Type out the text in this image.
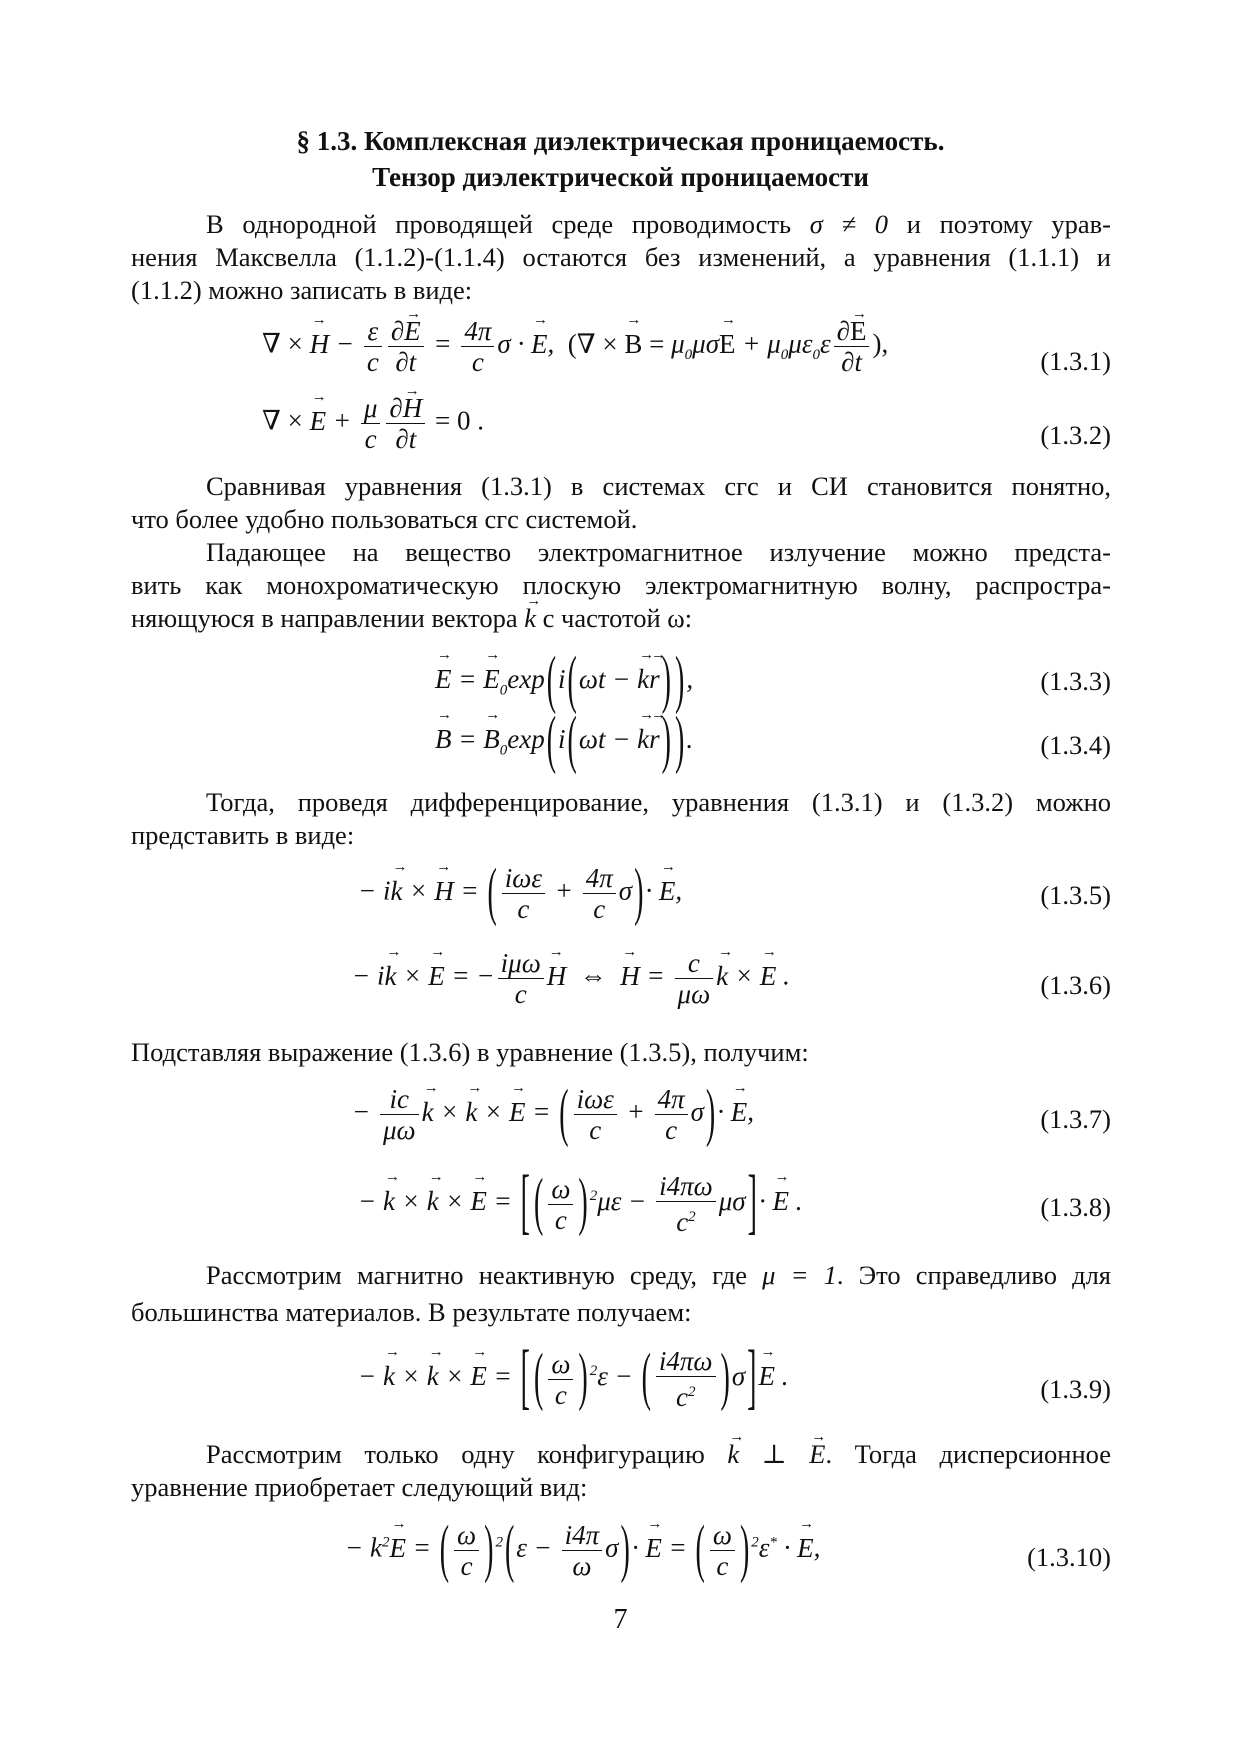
§ 1.3. Комплексная диэлектрическая проницаемость.
Тензор диэлектрической проницаемости
В однородной проводящей среде проводимость σ ≠ 0 и поэтому урав-
нения Максвелла (1.1.2)-(1.1.4) остаются без изменений, а уравнения (1.1.1) и
(1.1.2) можно записать в виде:
∇ × → $H - \frac{\varepsilon}{c} \frac{\partial\to E}{\partial t} = \frac{4\pi}{c}$ σ · → E,  (∇ × → $B = \mu_0\mu\sigma\to E + \mu_0\mu\varepsilon_0\varepsilon \frac{\partial\to E}{\partial t}$ ),
(1.3.1)
∇ × → $E + \frac{\mu}{c} \frac{\partial\to H}{\partial t} = 0$ .	(1.3.2)
Сравнивая уравнения (1.3.1) в системах сгс и СИ становится понятно,
что более удобно пользоваться сгс системой.
Падающее на вещество электромагнитное излучение можно предста-
вить как монохроматическую плоскую электромагнитную волну, распростра-
няющуюся в направлении вектора → k с частотой ω:
→ E = → $E_0\exp(i(\omega t$ − → k→ r) ),	(1.3.3)
→ B = → $B_0\exp(i(\omega t$ − → k→ r) ).	(1.3.4)
Тогда, проведя дифференцирование, уравнения (1.3.1) и (1.3.2) можно
представить в виде:
− i→ k × → H = ( $\frac{\text{iωε}}{c} + \frac{4\pi}{c} \sigma)\cdot \to E$,	(1.3.5)
− i→ k × → E = − $\frac{\text{iμω}}{c}$
→ H  ⇔  → $H = \frac{c}{\mu\omega}$
→ k × → E .	(1.3.6)
Подставляя выражение (1.3.6) в уравнение (1.3.5), получим:
− $\frac{ic}{\mu\omega}$
→ k × → k × → E = ( $\frac{\text{iωε}}{c} + \frac{4\pi}{c} \sigma)\cdot \to E$,	(1.3.7)
− → k × → k × → E = [ ( $\frac{\omega}{c}$ ) $^2\mu\varepsilon - \frac{i4\pi\omega}{c^2} \mu\sigma]\cdot \to E$ .	(1.3.8)
Рассмотрим магнитно неактивную среду, где μ = 1. Это справедливо для
большинства материалов. В результате получаем:
− → k × → k × → E = [ ( $\frac{\omega}{c}$ ) $^2$ε − ( $\frac{i4\pi\omega}{c^2} )\sigma]\to E$ .	(1.3.9)
Рассмотрим только одну конфигурацию → k ⊥ → E. Тогда дисперсионное
уравнение приобретает следующий вид:
− $k^2\to E$ = ( $\frac{\omega}{c}$ ) $^2(\varepsilon - \frac{i4\pi}{\omega} \sigma)\cdot \to E$ = ( $\frac{\omega}{c}$ ) $^2$ε* · → E,	(1.3.10)
7
